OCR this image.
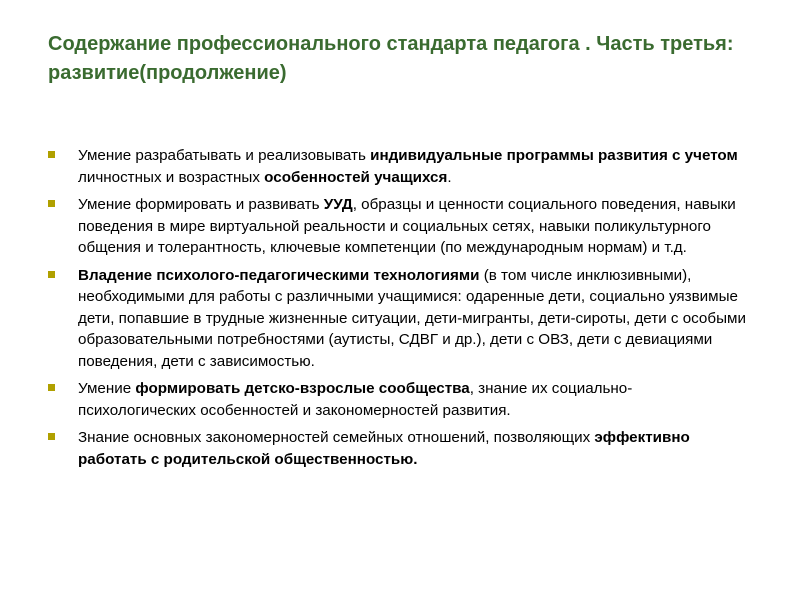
Содержание профессионального стандарта педагога . Часть третья: развитие(продолжение)
Умение разрабатывать и реализовывать индивидуальные программы развития с учетом личностных и возрастных особенностей учащихся.
Умение формировать и развивать УУД, образцы и ценности социального поведения, навыки поведения в мире виртуальной реальности и социальных сетях, навыки поликультурного общения и толерантность, ключевые компетенции (по международным нормам) и т.д.
Владение психолого-педагогическими технологиями (в том числе инклюзивными), необходимыми для работы с различными учащимися: одаренные дети, социально уязвимые дети, попавшие в трудные жизненные ситуации, дети-мигранты, дети-сироты, дети с особыми образовательными потребностями (аутисты, СДВГ и др.), дети с ОВЗ, дети с девиациями поведения, дети с зависимостью.
Умение формировать детско-взрослые сообщества, знание их социально-психологических особенностей и закономерностей развития.
Знание основных закономерностей семейных отношений, позволяющих эффективно работать с родительской общественностью.
